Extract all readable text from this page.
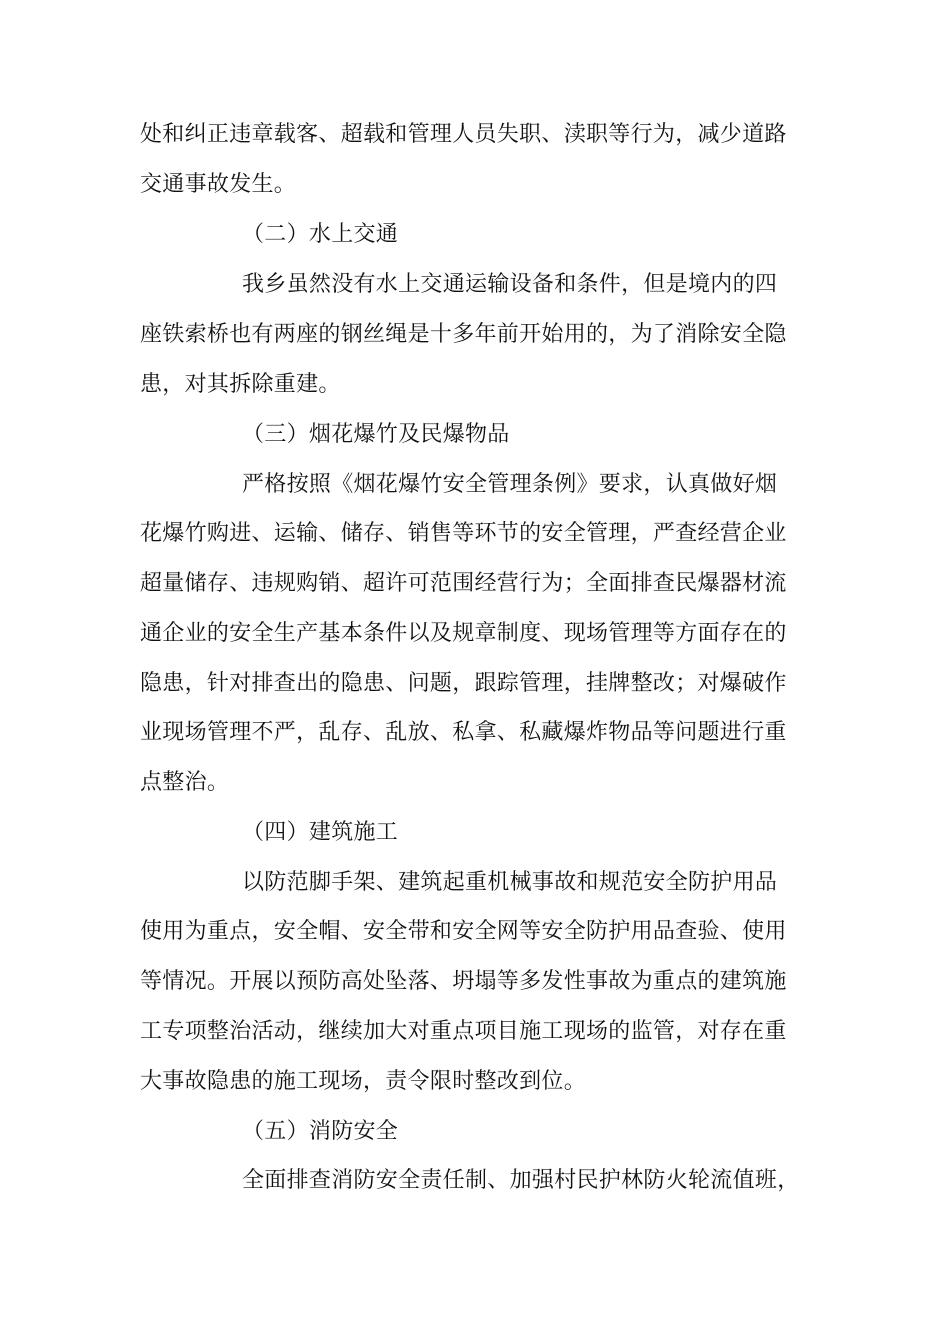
处和纠正违章载客、超载和管理人员失职、渎职等行为，减少道路
交通事故发生。
（二）水上交通
我乡虽然没有水上交通运输设备和条件，但是境内的四
座铁索桥也有两座的钢丝绳是十多年前开始用的，为了消除安全隐
患，对其拆除重建。
（三）烟花爆竹及民爆物品
严格按照《烟花爆竹安全管理条例》要求，认真做好烟
花爆竹购进、运输、储存、销售等环节的安全管理，严查经营企业
超量储存、违规购销、超许可范围经营行为；全面排查民爆器材流
通企业的安全生产基本条件以及规章制度、现场管理等方面存在的
隐患，针对排查出的隐患、问题，跟踪管理，挂牌整改；对爆破作
业现场管理不严，乱存、乱放、私拿、私藏爆炸物品等问题进行重
点整治。
（四）建筑施工
以防范脚手架、建筑起重机械事故和规范安全防护用品
使用为重点，安全帽、安全带和安全网等安全防护用品查验、使用
等情况。开展以预防高处坠落、坍塌等多发性事故为重点的建筑施
工专项整治活动，继续加大对重点项目施工现场的监管，对存在重
大事故隐患的施工现场，责令限时整改到位。
（五）消防安全
全面排查消防安全责任制、加强村民护林防火轮流值班，
